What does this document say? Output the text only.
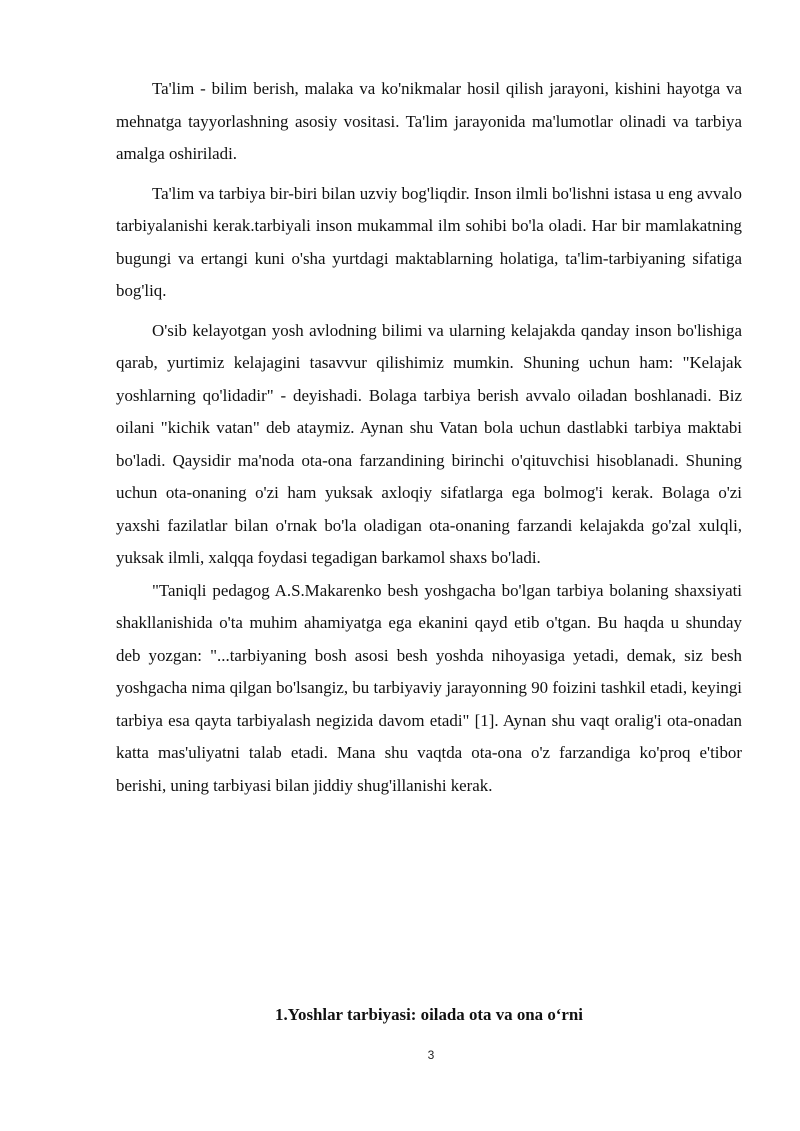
Ta'lim - bilim berish, malaka va ko'nikmalar hosil qilish jarayoni, kishini hayotga va mehnatga tayyorlashning asosiy vositasi. Ta'lim jarayonida ma'lumotlar olinadi va tarbiya amalga oshiriladi.

Ta'lim va tarbiya bir-biri bilan uzviy bog'liqdir. Inson ilmli bo'lishni istasa u eng avvalo tarbiyalanishi kerak.tarbiyali inson mukammal ilm sohibi bo'la oladi. Har bir mamlakatning bugungi va ertangi kuni o'sha yurtdagi maktablarning holatiga, ta'lim-tarbiyaning sifatiga bog'liq.

O'sib kelayotgan yosh avlodning bilimi va ularning kelajakda qanday inson bo'lishiga qarab, yurtimiz kelajagini tasavvur qilishimiz mumkin. Shuning uchun ham: "Kelajak yoshlarning qo'lidadir" - deyishadi. Bolaga tarbiya berish avvalo oiladan boshlanadi. Biz oilani "kichik vatan" deb ataymiz. Aynan shu Vatan bola uchun dastlabki tarbiya maktabi bo'ladi. Qaysidir ma'noda ota-ona farzandining birinchi o'qituvchisi hisoblanadi. Shuning uchun ota-onaning o'zi ham yuksak axloqiy sifatlarga ega bolmog'i kerak. Bolaga o'zi yaxshi fazilatlar bilan o'rnak bo'la oladigan ota-onaning farzandi kelajakda go'zal xulqli, yuksak ilmli, xalqqa foydasi tegadigan barkamol shaxs bo'ladi.

"Taniqli pedagog A.S.Makarenko besh yoshgacha bo'lgan tarbiya bolaning shaxsiyati shakllanishida o'ta muhim ahamiyatga ega ekanini qayd etib o'tgan. Bu haqda u shunday deb yozgan: "...tarbiyaning bosh asosi besh yoshda nihoyasiga yetadi, demak, siz besh yoshgacha nima qilgan bo'lsangiz, bu tarbiyaviy jarayonning 90 foizini tashkil etadi, keyingi tarbiya esa qayta tarbiyalash negizida davom etadi" [1]. Aynan shu vaqt oralig'i ota-onadan katta mas'uliyatni talab etadi. Mana shu vaqtda ota-ona o'z farzandiga ko'proq e'tibor berishi, uning tarbiyasi bilan jiddiy shug'illanishi kerak.

1.Yoshlar tarbiyasi: oilada ota va ona o‘rni
3
